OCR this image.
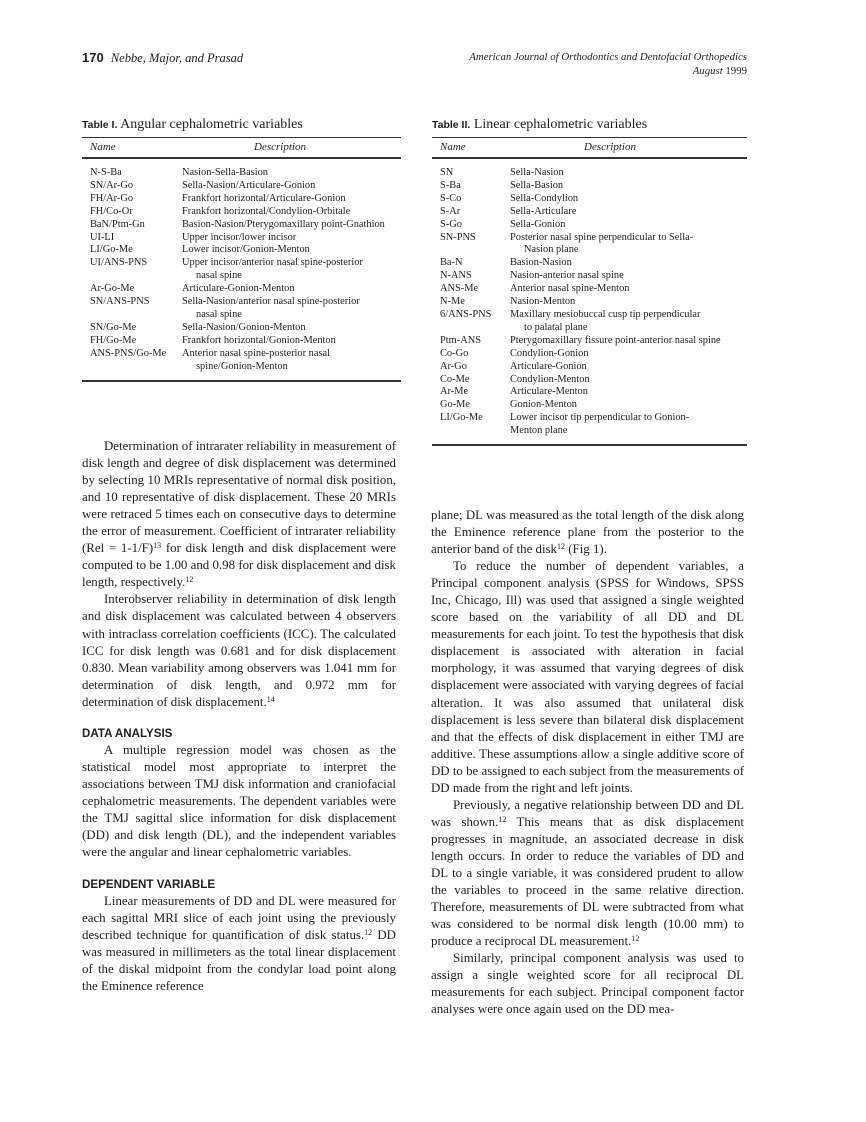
170 Nebbe, Major, and Prasad	American Journal of Orthodontics and Dentofacial Orthopedics
August 1999
Table I. Angular cephalometric variables
Name	Description
N-S-Ba	Nasion-Sella-Basion
SN/Ar-Go	Sella-Nasion/Articulare-Gonion
FH/Ar-Go	Frankfort horizontal/Articulare-Gonion
FH/Co-Or	Frankfort horizontal/Condylion-Orbitale
BaN/Ptm-Gn	Basion-Nasion/Pterygomaxillary point-Gnathion
UI-LI	Upper incisor/lower incisor
LI/Go-Me	Lower incisor/Gonion-Menton
UI/ANS-PNS	Upper incisor/anterior nasal spine-posterior
nasal spine
Ar-Go-Me	Articulare-Gonion-Menton
SN/ANS-PNS	Sella-Nasion/anterior nasal spine-posterior
nasal spine
SN/Go-Me	Sella-Nasion/Gonion-Menton
FH/Go-Me	Frankfort horizontal/Gonion-Menton
ANS-PNS/Go-Me	Anterior nasal spine-posterior nasal
spine/Gonion-Menton
Table II. Linear cephalometric variables
Name	Description
SN	Sella-Nasion
S-Ba	Sella-Basion
S-Co	Sella-Condylion
S-Ar	Sella-Articulare
S-Go	Sella-Gonion
SN-PNS	Posterior nasal spine perpendicular to Sella-
Nasion plane
Ba-N	Basion-Nasion
N-ANS	Nasion-anterior nasal spine
ANS-Me	Anterior nasal spine-Menton
N-Me	Nasion-Menton
6/ANS-PNS	Maxillary mesiobuccal cusp tip perpendicular
to palatal plane
Ptm-ANS	Pterygomaxillary fissure point-anterior nasal spine
Co-Go	Condylion-Gonion
Ar-Go	Articulare-Gonion
Co-Me	Condylion-Menton
Ar-Me	Articulare-Menton
Go-Me	Gonion-Menton
LI/Go-Me	Lower incisor tip perpendicular to Gonion-
Menton plane

Determination of intrarater reliability in measurement of disk length and degree of disk displacement was determined by selecting 10 MRIs representative of normal disk position, and 10 representative of disk displacement. These 20 MRIs were retraced 5 times each on consecutive days to determine the error of measurement. Coefficient of intrarater reliability (Rel = 1-1/F)$^{13}$ for disk length and disk displacement were computed to be 1.00 and 0.98 for disk displacement and disk length, respectively.$^{12}$

Interobserver reliability in determination of disk length and disk displacement was calculated between 4 observers with intraclass correlation coefficients (ICC). The calculated ICC for disk length was 0.681 and for disk displacement 0.830. Mean variability among observers was 1.041 mm for determination of disk length, and 0.972 mm for determination of disk displacement.$^{14}$

DATA ANALYSIS

A multiple regression model was chosen as the statistical model most appropriate to interpret the associations between TMJ disk information and craniofacial cephalometric measurements. The dependent variables were the TMJ sagittal slice information for disk displacement (DD) and disk length (DL), and the independent variables were the angular and linear cephalometric variables.

DEPENDENT VARIABLE

Linear measurements of DD and DL were measured for each sagittal MRI slice of each joint using the previously described technique for quantification of disk status.$^{12}$ DD was measured in millimeters as the total linear displacement of the diskal midpoint from the condylar load point along the Eminence reference

plane; DL was measured as the total length of the disk along the Eminence reference plane from the posterior to the anterior band of the disk$^{12}$ (Fig 1).

To reduce the number of dependent variables, a Principal component analysis (SPSS for Windows, SPSS Inc, Chicago, Ill) was used that assigned a single weighted score based on the variability of all DD and DL measurements for each joint. To test the hypothesis that disk displacement is associated with alteration in facial morphology, it was assumed that varying degrees of disk displacement were associated with varying degrees of facial alteration. It was also assumed that unilateral disk displacement is less severe than bilateral disk displacement and that the effects of disk displacement in either TMJ are additive. These assumptions allow a single additive score of DD to be assigned to each subject from the measurements of DD made from the right and left joints.

Previously, a negative relationship between DD and DL was shown.$^{12}$ This means that as disk displacement progresses in magnitude, an associated decrease in disk length occurs. In order to reduce the variables of DD and DL to a single variable, it was considered prudent to allow the variables to proceed in the same relative direction. Therefore, measurements of DL were subtracted from what was considered to be normal disk length (10.00 mm) to produce a reciprocal DL measurement.$^{12}$

Similarly, principal component analysis was used to assign a single weighted score for all reciprocal DL measurements for each subject. Principal component factor analyses were once again used on the DD mea-
